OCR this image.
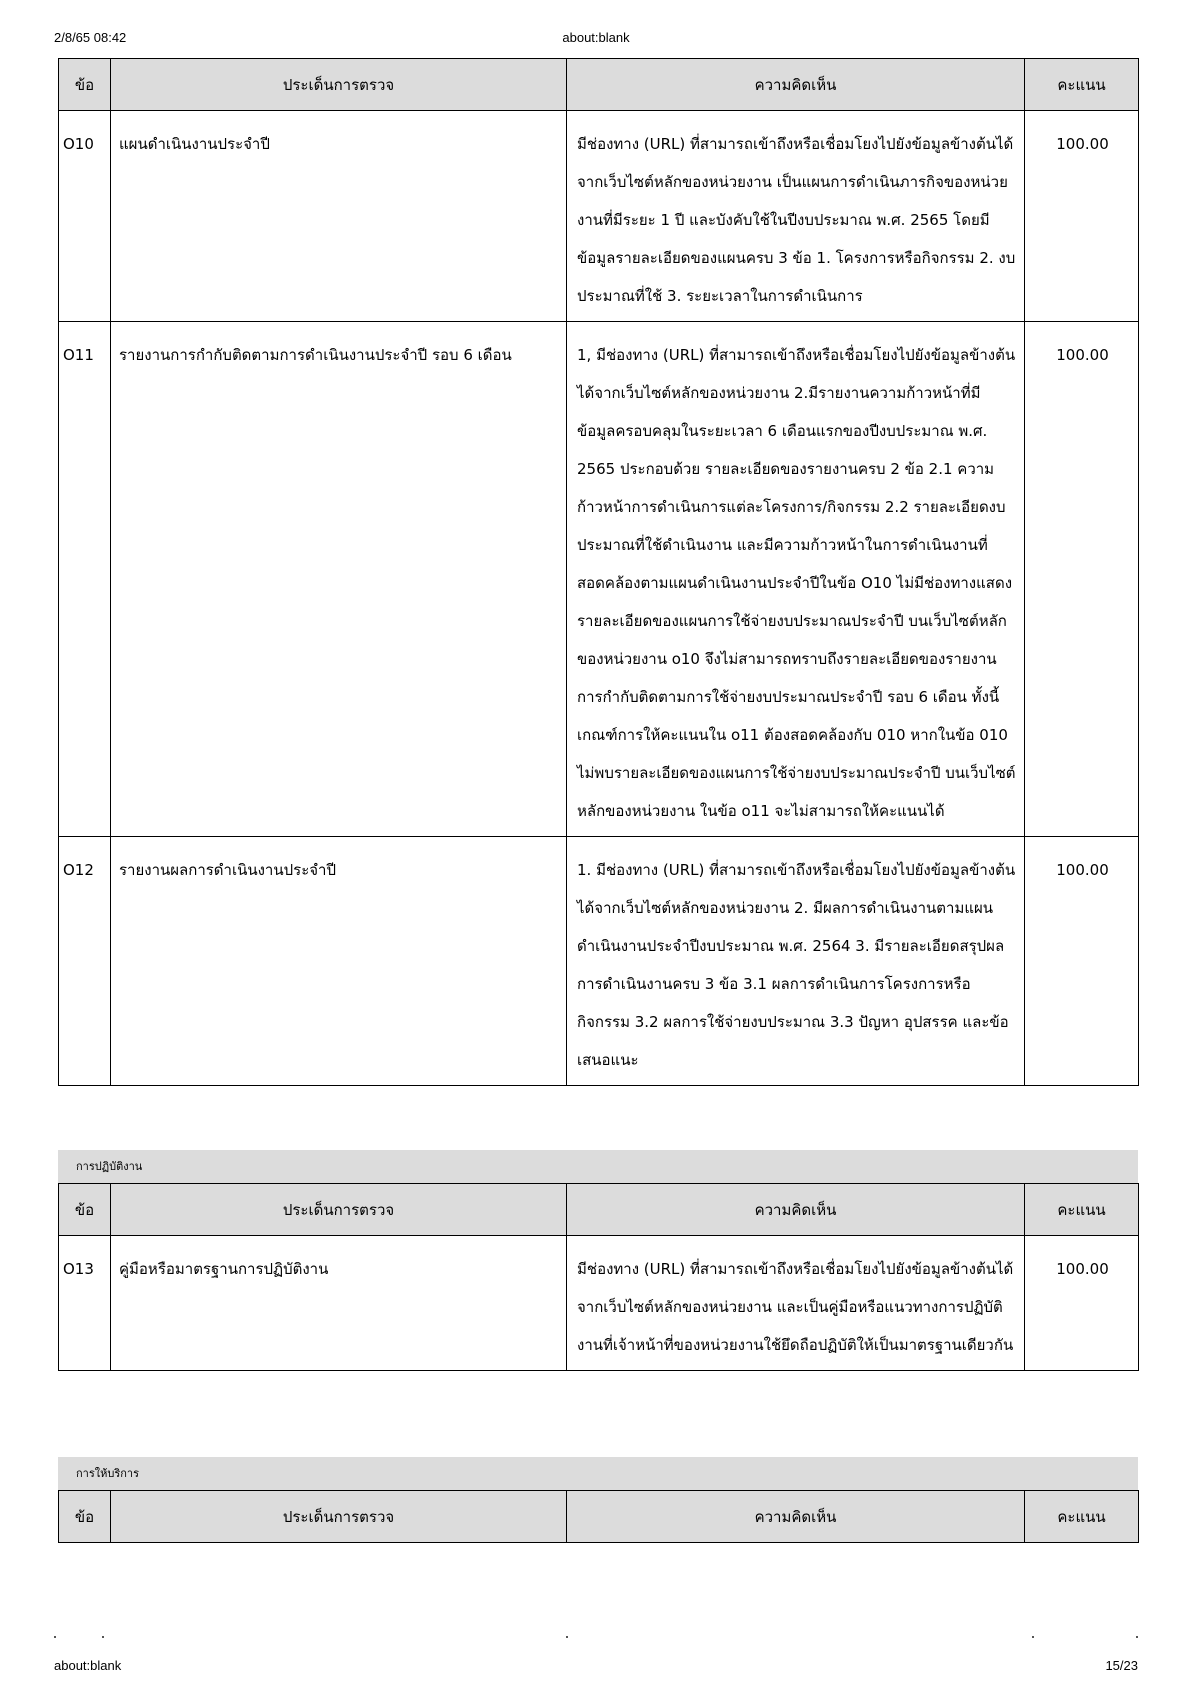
2/8/65 08:42	about:blank
ข้อ	ประเด็นการตรวจ	ความคิดเห็น	คะแนน
O10	แผนดำเนินงานประจำปี	มีช่องทาง (URL) ที่สามารถเข้าถึงหรือเชื่อมโยงไปยังข้อมูลข้างต้นได้จากเว็บไซต์หลักของหน่วยงาน เป็นแผนการดำเนินภารกิจของหน่วยงานที่มีระยะ 1 ปี และบังคับใช้ในปีงบประมาณ พ.ศ. 2565 โดยมีข้อมูลรายละเอียดของแผนครบ 3 ข้อ 1. โครงการหรือกิจกรรม 2. งบประมาณที่ใช้ 3. ระยะเวลาในการดำเนินการ	100.00
O11	รายงานการกำกับติดตามการดำเนินงานประจำปี รอบ 6 เดือน	1, มีช่องทาง (URL) ที่สามารถเข้าถึงหรือเชื่อมโยงไปยังข้อมูลข้างต้นได้จากเว็บไซต์หลักของหน่วยงาน 2.มีรายงานความก้าวหน้าที่มีข้อมูลครอบคลุมในระยะเวลา 6 เดือนแรกของปีงบประมาณ พ.ศ. 2565 ประกอบด้วย รายละเอียดของรายงานครบ 2 ข้อ 2.1 ความก้าวหน้าการดำเนินการแต่ละโครงการ/กิจกรรม 2.2 รายละเอียดงบประมาณที่ใช้ดำเนินงาน และมีความก้าวหน้าในการดำเนินงานที่สอดคล้องตามแผนดำเนินงานประจำปีในข้อ O10 ไม่มีช่องทางแสดงรายละเอียดของแผนการใช้จ่ายงบประมาณประจำปี บนเว็บไซต์หลักของหน่วยงาน o10 จึงไม่สามารถทราบถึงรายละเอียดของรายงานการกำกับติดตามการใช้จ่ายงบประมาณประจำปี รอบ 6 เดือน ทั้งนี้ เกณฑ์การให้คะแนนใน o11 ต้องสอดคล้องกับ 010 หากในข้อ 010 ไม่พบรายละเอียดของแผนการใช้จ่ายงบประมาณประจำปี บนเว็บไซต์หลักของหน่วยงาน ในข้อ o11 จะไม่สามารถให้คะแนนได้	100.00
O12	รายงานผลการดำเนินงานประจำปี	1. มีช่องทาง (URL) ที่สามารถเข้าถึงหรือเชื่อมโยงไปยังข้อมูลข้างต้นได้จากเว็บไซต์หลักของหน่วยงาน 2. มีผลการดำเนินงานตามแผนดำเนินงานประจำปีงบประมาณ พ.ศ. 2564 3. มีรายละเอียดสรุปผลการดำเนินงานครบ 3 ข้อ 3.1 ผลการดำเนินการโครงการหรือกิจกรรม 3.2 ผลการใช้จ่ายงบประมาณ 3.3 ปัญหา อุปสรรค และข้อเสนอแนะ	100.00
การปฏิบัติงาน
ข้อ	ประเด็นการตรวจ	ความคิดเห็น	คะแนน
O13	คู่มือหรือมาตรฐานการปฏิบัติงาน	มีช่องทาง (URL) ที่สามารถเข้าถึงหรือเชื่อมโยงไปยังข้อมูลข้างต้นได้จากเว็บไซต์หลักของหน่วยงาน และเป็นคู่มือหรือแนวทางการปฏิบัติงานที่เจ้าหน้าที่ของหน่วยงานใช้ยึดถือปฏิบัติให้เป็นมาตรฐานเดียวกัน	100.00
การให้บริการ
ข้อ	ประเด็นการตรวจ	ความคิดเห็น	คะแนน
about:blank	15/23
